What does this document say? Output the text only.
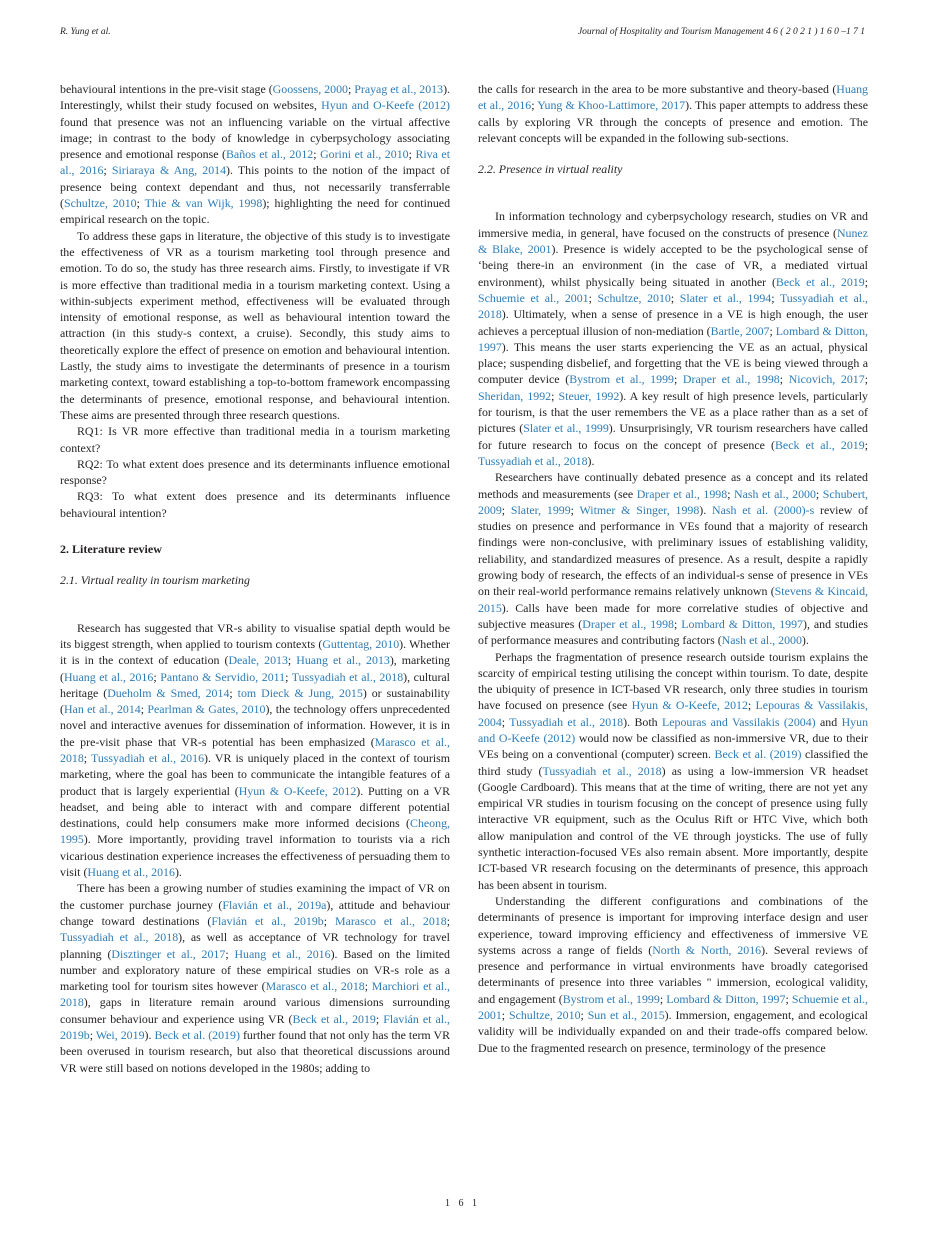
R. Yung et al.	Journal of Hospitality and Tourism Management 4 6 ( 2 0 2 1 ) 1 6 0 –1 7 1

behavioural intentions in the pre-visit stage (Goossens, 2000; Prayag et al., 2013). Interestingly, whilst their study focused on websites, Hyun and O-Keefe (2012) found that presence was not an influencing variable on the virtual affective image; in contrast to the body of knowledge in cyberpsychology associating presence and emotional response (Baños et al., 2012; Gorini et al., 2010; Riva et al., 2016; Siriaraya & Ang, 2014). This points to the notion of the impact of presence being context dependant and thus, not necessarily transferrable (Schultze, 2010; Thie & van Wijk, 1998); highlighting the need for continued empirical research on the topic.

To address these gaps in literature, the objective of this study is to investigate the effectiveness of VR as a tourism marketing tool through presence and emotion. To do so, the study has three research aims. Firstly, to investigate if VR is more effective than traditional media in a tourism marketing context. Using a within-subjects experiment method, effectiveness will be evaluated through intensity of emotional response, as well as behavioural intention toward the attraction (in this study-s context, a cruise). Secondly, this study aims to theoretically explore the effect of presence on emotion and behavioural intention. Lastly, the study aims to investigate the determinants of presence in a tourism marketing context, toward establishing a top-to-bottom framework encompassing the determinants of presence, emotional response, and behavioural intention. These aims are presented through three research questions.

RQ1: Is VR more effective than traditional media in a tourism marketing context?

RQ2: To what extent does presence and its determinants influence emotional response?

RQ3: To what extent does presence and its determinants influence behavioural intention?

2. Literature review
2.1. Virtual reality in tourism marketing

Research has suggested that VR-s ability to visualise spatial depth would be its biggest strength, when applied to tourism contexts (Guttentag, 2010). Whether it is in the context of education (Deale, 2013; Huang et al., 2013), marketing (Huang et al., 2016; Pantano & Servidio, 2011; Tussyadiah et al., 2018), cultural heritage (Dueholm & Smed, 2014; tom Dieck & Jung, 2015) or sustainability (Han et al., 2014; Pearlman & Gates, 2010), the technology offers unprecedented novel and interactive avenues for dissemination of information. However, it is in the pre-visit phase that VR-s potential has been emphasized (Marasco et al., 2018; Tussyadiah et al., 2016). VR is uniquely placed in the context of tourism marketing, where the goal has been to communicate the intangible features of a product that is largely experiential (Hyun & O-Keefe, 2012). Putting on a VR headset, and being able to interact with and compare different potential destinations, could help consumers make more informed decisions (Cheong, 1995). More importantly, providing travel information to tourists via a rich vicarious destination experience increases the effectiveness of persuading them to visit (Huang et al., 2016).

There has been a growing number of studies examining the impact of VR on the customer purchase journey (Flavián et al., 2019a), attitude and behaviour change toward destinations (Flavián et al., 2019b; Marasco et al., 2018; Tussyadiah et al., 2018), as well as acceptance of VR technology for travel planning (Disztinger et al., 2017; Huang et al., 2016). Based on the limited number and exploratory nature of these empirical studies on VR-s role as a marketing tool for tourism sites however (Marasco et al., 2018; Marchiori et al., 2018), gaps in literature remain around various dimensions surrounding consumer behaviour and experience using VR (Beck et al., 2019; Flavián et al., 2019b; Wei, 2019). Beck et al. (2019) further found that not only has the term VR been overused in tourism research, but also that theoretical discussions around VR were still based on notions developed in the 1980s; adding to

the calls for research in the area to be more substantive and theory-based (Huang et al., 2016; Yung & Khoo-Lattimore, 2017). This paper attempts to address these calls by exploring VR through the concepts of presence and emotion. The relevant concepts will be expanded in the following sub-sections.

2.2. Presence in virtual reality

In information technology and cyberpsychology research, studies on VR and immersive media, in general, have focused on the constructs of presence (Nunez & Blake, 2001). Presence is widely accepted to be the psychological sense of ‘being there-in an environment (in the case of VR, a mediated virtual environment), whilst physically being situated in another (Beck et al., 2019; Schuemie et al., 2001; Schultze, 2010; Slater et al., 1994; Tussyadiah et al., 2018). Ultimately, when a sense of presence in a VE is high enough, the user achieves a perceptual illusion of non-mediation (Bartle, 2007; Lombard & Ditton, 1997). This means the user starts experiencing the VE as an actual, physical place; suspending disbelief, and forgetting that the VE is being viewed through a computer device (Bystrom et al., 1999; Draper et al., 1998; Nicovich, 2017; Sheridan, 1992; Steuer, 1992). A key result of high presence levels, particularly for tourism, is that the user remembers the VE as a place rather than as a set of pictures (Slater et al., 1999). Unsurprisingly, VR tourism researchers have called for future research to focus on the concept of presence (Beck et al., 2019; Tussyadiah et al., 2018).

Researchers have continually debated presence as a concept and its related methods and measurements (see Draper et al., 1998; Nash et al., 2000; Schubert, 2009; Slater, 1999; Witmer & Singer, 1998). Nash et al. (2000)-s review of studies on presence and performance in VEs found that a majority of research findings were non-conclusive, with preliminary issues of establishing validity, reliability, and standardized measures of presence. As a result, despite a rapidly growing body of research, the effects of an individual-s sense of presence in VEs on their real-world performance remains relatively unknown (Stevens & Kincaid, 2015). Calls have been made for more correlative studies of objective and subjective measures (Draper et al., 1998; Lombard & Ditton, 1997), and studies of performance measures and contributing factors (Nash et al., 2000).

Perhaps the fragmentation of presence research outside tourism explains the scarcity of empirical testing utilising the concept within tourism. To date, despite the ubiquity of presence in ICT-based VR research, only three studies in tourism have focused on presence (see Hyun & O-Keefe, 2012; Lepouras & Vassilakis, 2004; Tussyadiah et al., 2018). Both Lepouras and Vassilakis (2004) and Hyun and O-Keefe (2012) would now be classified as non-immersive VR, due to their VEs being on a conventional (computer) screen. Beck et al. (2019) classified the third study (Tussyadiah et al., 2018) as using a low-immersion VR headset (Google Cardboard). This means that at the time of writing, there are not yet any empirical VR studies in tourism focusing on the concept of presence using fully interactive VR equipment, such as the Oculus Rift or HTC Vive, which both allow manipulation and control of the VE through joysticks. The use of fully synthetic interaction-focused VEs also remain absent. More importantly, despite ICT-based VR research focusing on the determinants of presence, this approach has been absent in tourism.

Understanding the different configurations and combinations of the determinants of presence is important for improving interface design and user experience, toward improving efficiency and effectiveness of immersive VE systems across a range of fields (North & North, 2016). Several reviews of presence and performance in virtual environments have broadly categorised determinants of presence into three variables " immersion, ecological validity, and engagement (Bystrom et al., 1999; Lombard & Ditton, 1997; Schuemie et al., 2001; Schultze, 2010; Sun et al., 2015). Immersion, engagement, and ecological validity will be individually expanded on and their trade-offs compared below. Due to the fragmented research on presence, terminology of the presence

1 6 1
